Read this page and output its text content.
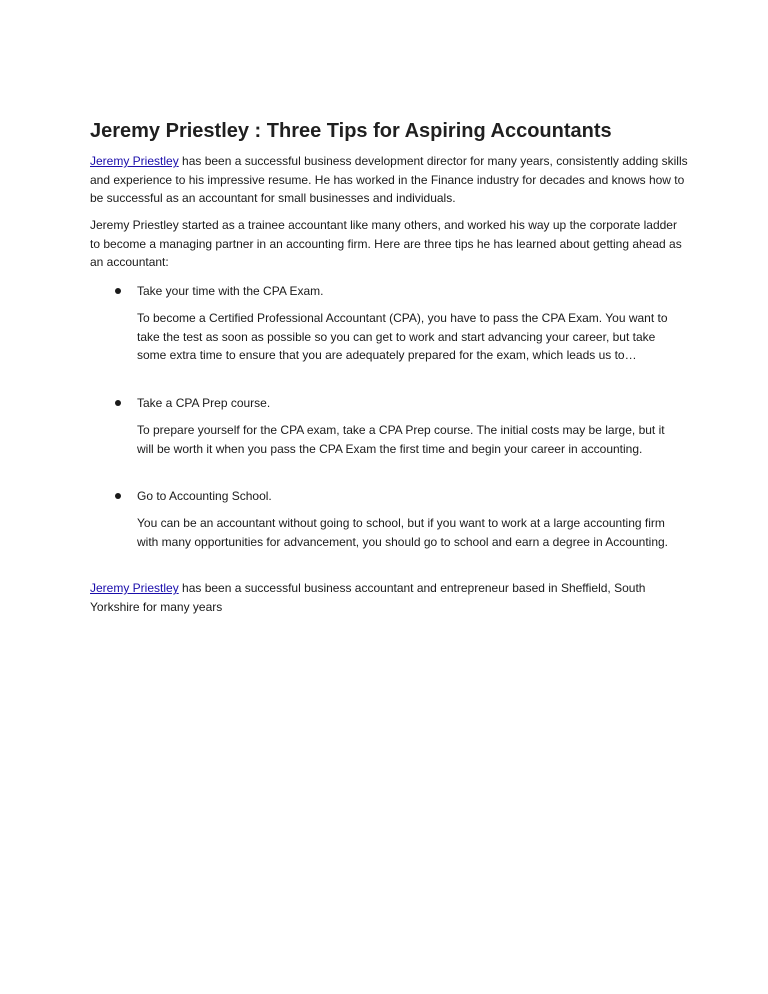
Jeremy Priestley : Three Tips for Aspiring Accountants
Jeremy Priestley has been a successful business development director for many years, consistently adding skills and experience to his impressive resume. He has worked in the Finance industry for decades and knows how to be successful as an accountant for small businesses and individuals.
Jeremy Priestley started as a trainee accountant like many others, and worked his way up the corporate ladder to become a managing partner in an accounting firm. Here are three tips he has learned about getting ahead as an accountant:
Take your time with the CPA Exam.
To become a Certified Professional Accountant (CPA), you have to pass the CPA Exam. You want to take the test as soon as possible so you can get to work and start advancing your career, but take some extra time to ensure that you are adequately prepared for the exam, which leads us to…
Take a CPA Prep course.
To prepare yourself for the CPA exam, take a CPA Prep course. The initial costs may be large, but it will be worth it when you pass the CPA Exam the first time and begin your career in accounting.
Go to Accounting School.
You can be an accountant without going to school, but if you want to work at a large accounting firm with many opportunities for advancement, you should go to school and earn a degree in Accounting.
Jeremy Priestley has been a successful business accountant and entrepreneur based in Sheffield, South Yorkshire for many years
